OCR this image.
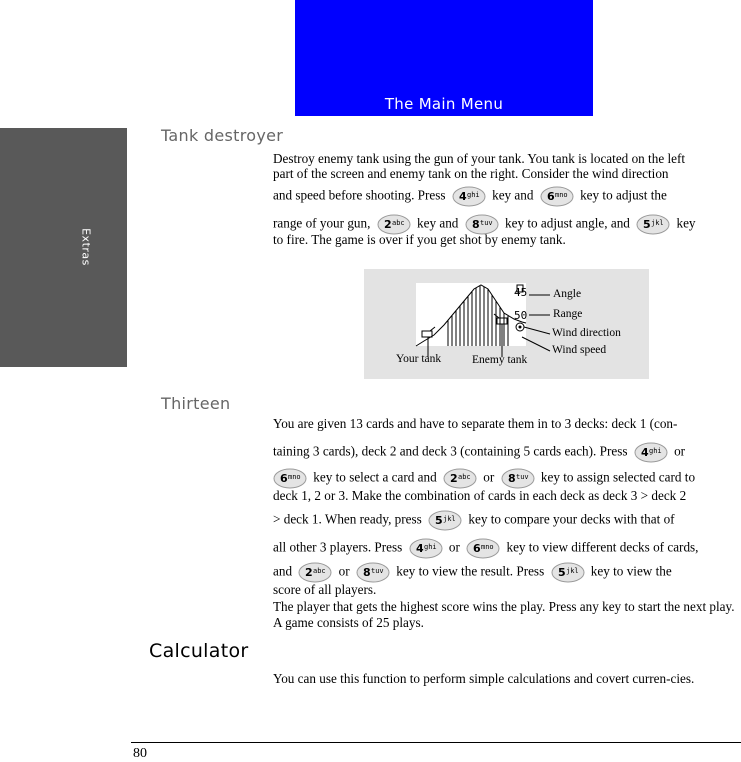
The Main Menu
Extras
Tank destroyer
Destroy enemy tank using the gun of your tank. You tank is located on the left
part of the screen and enemy tank on the right. Consider the wind direction
and speed before shooting. Press 4 ghi key and 6 mno key to adjust the
range of your gun, 2 abc key and 8 tuv key to adjust angle, and 5 jkl key
to fire. The game is over if you get shot by enemy tank.
45
50
Angle
Range
Wind direction
Wind speed
Your tank	Enemy tank
Thirteen
You are given 13 cards and have to separate them in to 3 decks: deck 1 (con-
taining 3 cards), deck 2 and deck 3 (containing 5 cards each). Press 4 ghi or
6 mno key to select a card and 2 abc or 8 tuv key to assign selected card to
deck 1, 2 or 3. Make the combination of cards in each deck as deck 3 > deck 2
> deck 1. When ready, press 5 jkl key to compare your decks with that of
all other 3 players. Press 4 ghi or 6 mno key to view different decks of cards,
and 2 abc or 8 tuv key to view the result. Press 5 jkl key to view the
score of all players.
The player that gets the highest score wins the play. Press any key to start the next play. A game consists of 25 plays.
Calculator
You can use this function to perform simple calculations and covert curren-cies.
80
